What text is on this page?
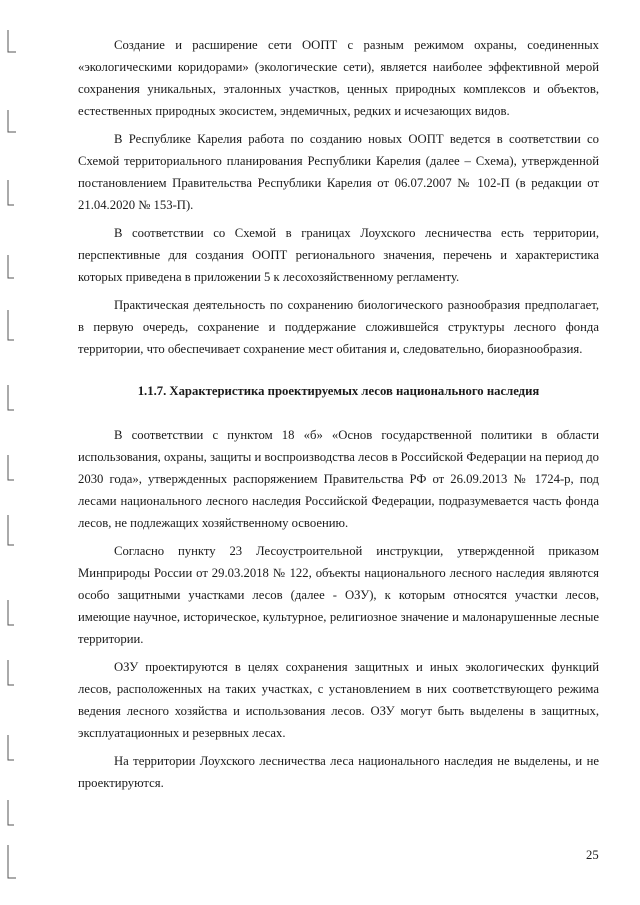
Создание и расширение сети ООПТ с разным режимом охраны, соединенных «экологическими коридорами» (экологические сети), является наиболее эффективной мерой сохранения уникальных, эталонных участков, ценных природных комплексов и объектов, естественных природных экосистем, эндемичных, редких и исчезающих видов.

В Республике Карелия работа по созданию новых ООПТ ведется в соответствии со Схемой территориального планирования Республики Карелия (далее – Схема), утвержденной постановлением Правительства Республики Карелия от 06.07.2007 № 102-П (в редакции от 21.04.2020 № 153-П).

В соответствии со Схемой в границах Лоухского лесничества есть территории, перспективные для создания ООПТ регионального значения, перечень и характеристика которых приведена в приложении 5 к лесохозяйственному регламенту.

Практическая деятельность по сохранению биологического разнообразия предполагает, в первую очередь, сохранение и поддержание сложившейся структуры лесного фонда территории, что обеспечивает сохранение мест обитания и, следовательно, биоразнообразия.

1.1.7. Характеристика проектируемых лесов национального наследия

В соответствии с пунктом 18 «б» «Основ государственной политики в области использования, охраны, защиты и воспроизводства лесов в Российской Федерации на период до 2030 года», утвержденных распоряжением Правительства РФ от 26.09.2013 № 1724-р, под лесами национального лесного наследия Российской Федерации, подразумевается часть фонда лесов, не подлежащих хозяйственному освоению.

Согласно пункту 23 Лесоустроительной инструкции, утвержденной приказом Минприроды России от 29.03.2018 № 122, объекты национального лесного наследия являются особо защитными участками лесов (далее - ОЗУ), к которым относятся участки лесов, имеющие научное, историческое, культурное, религиозное значение и малонарушенные лесные территории.

ОЗУ проектируются в целях сохранения защитных и иных экологических функций лесов, расположенных на таких участках, с установлением в них соответствующего режима ведения лесного хозяйства и использования лесов. ОЗУ могут быть выделены в защитных, эксплуатационных и резервных лесах.

На территории Лоухского лесничества леса национального наследия не выделены, и не проектируются.

25
